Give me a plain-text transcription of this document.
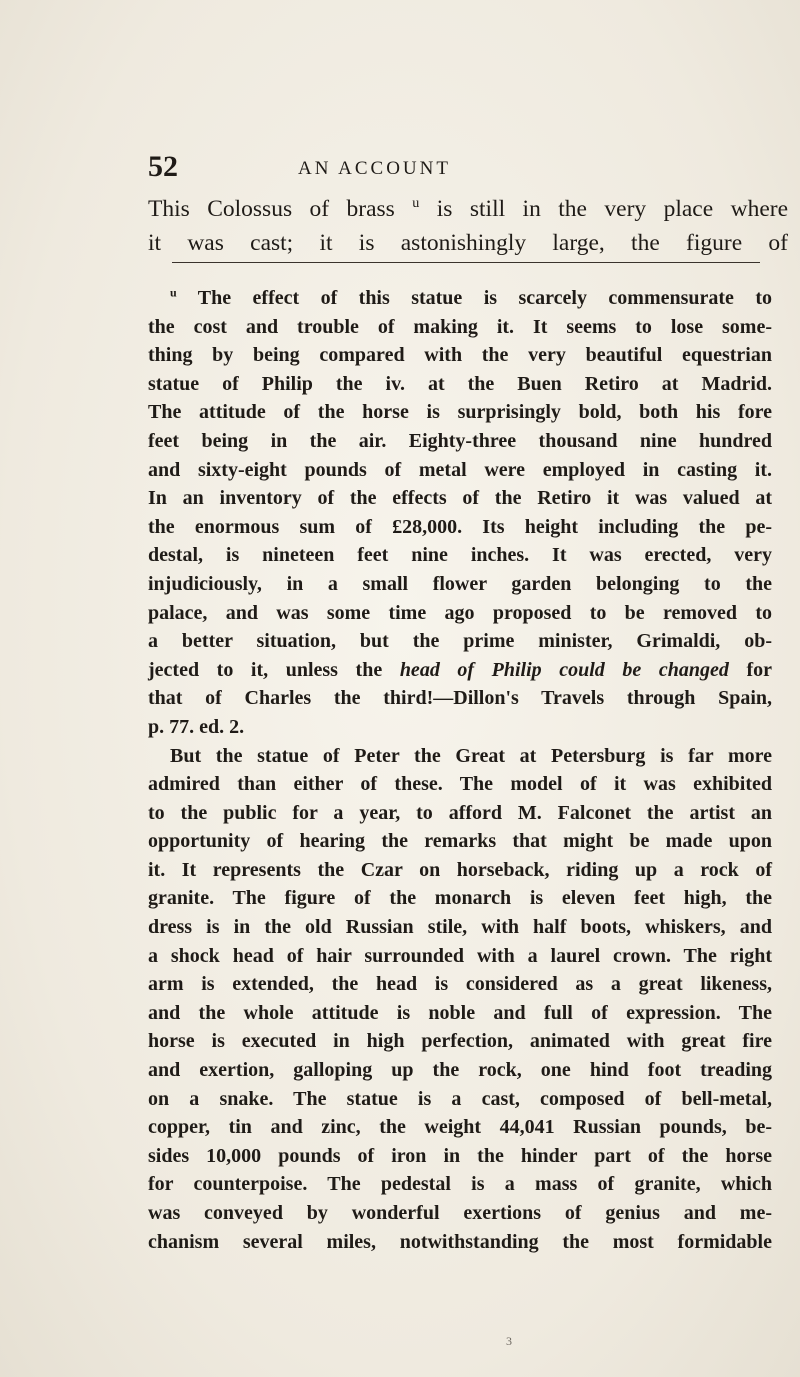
52	AN ACCOUNT
This Colossus of brass $^u$ is still in the very place where
it was cast; it is astonishingly large, the figure of
$^u$ The effect of this statue is scarcely commensurate to
the cost and trouble of making it. It seems to lose some-
thing by being compared with the very beautiful equestrian
statue of Philip the iv. at the Buen Retiro at Madrid.
The attitude of the horse is surprisingly bold, both his fore
feet being in the air. Eighty-three thousand nine hundred
and sixty-eight pounds of metal were employed in casting it.
In an inventory of the effects of the Retiro it was valued at
the enormous sum of £28,000. Its height including the pe-
destal, is nineteen feet nine inches. It was erected, very
injudiciously, in a small flower garden belonging to the
palace, and was some time ago proposed to be removed to
a better situation, but the prime minister, Grimaldi, ob-
jected to it, unless the head of Philip could be changed for
that of Charles the third!—Dillon's Travels through Spain,
p. 77. ed. 2.
But the statue of Peter the Great at Petersburg is far more
admired than either of these. The model of it was exhibited
to the public for a year, to afford M. Falconet the artist an
opportunity of hearing the remarks that might be made upon
it. It represents the Czar on horseback, riding up a rock of
granite. The figure of the monarch is eleven feet high, the
dress is in the old Russian stile, with half boots, whiskers, and
a shock head of hair surrounded with a laurel crown. The right
arm is extended, the head is considered as a great likeness,
and the whole attitude is noble and full of expression. The
horse is executed in high perfection, animated with great fire
and exertion, galloping up the rock, one hind foot treading
on a snake. The statue is a cast, composed of bell-metal,
copper, tin and zinc, the weight 44,041 Russian pounds, be-
sides 10,000 pounds of iron in the hinder part of the horse
for counterpoise. The pedestal is a mass of granite, which
was conveyed by wonderful exertions of genius and me-
chanism several miles, notwithstanding the most formidable
3
